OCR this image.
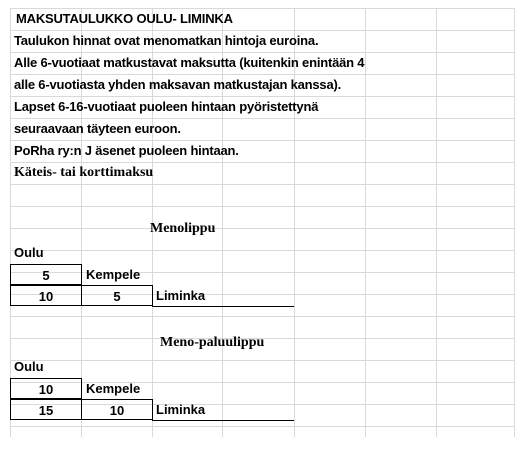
MAKSUTAULUKKO OULU- LIMINKA
Taulukon hinnat ovat menomatkan hintoja euroina.
Alle 6-vuotiaat matkustavat maksutta (kuitenkin enintään 4
alle 6-vuotiasta yhden maksavan matkustajan kanssa).
Lapset 6-16-vuotiaat puoleen hintaan pyöristettynä
seuraavaan täyteen euroon.
PoRha ry:n J äsenet puoleen hintaan.
Käteis- tai korttimaksu
Menolippu
Oulu
5	Kempele
10	5	Liminka
Meno-paluulippu
Oulu
10	Kempele
15	10	Liminka
